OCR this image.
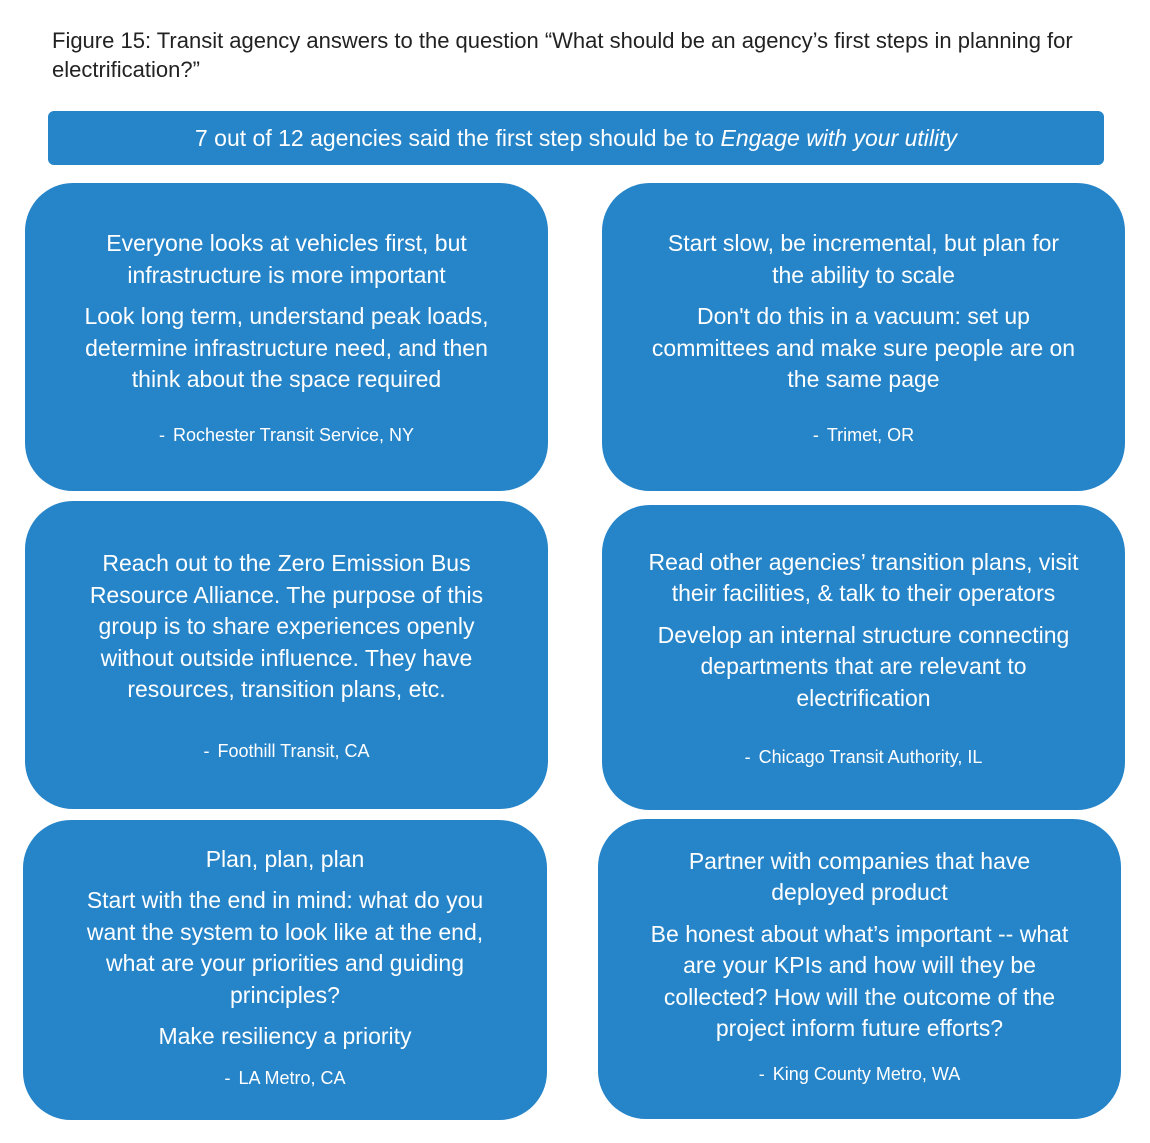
Figure 15: Transit agency answers to the question “What should be an agency’s first steps in planning for electrification?”
7 out of 12 agencies said the first step should be to Engage with your utility

Everyone looks at vehicles first, but infrastructure is more important

Look long term, understand peak loads, determine infrastructure need, and then think about the space required

- Rochester Transit Service, NY

Start slow, be incremental, but plan for the ability to scale

Don't do this in a vacuum: set up committees and make sure people are on the same page

- Trimet, OR

Reach out to the Zero Emission Bus Resource Alliance. The purpose of this group is to share experiences openly without outside influence. They have resources, transition plans, etc.

- Foothill Transit, CA

Read other agencies’ transition plans, visit their facilities, & talk to their operators

Develop an internal structure connecting departments that are relevant to electrification

- Chicago Transit Authority, IL

Plan, plan, plan

Start with the end in mind: what do you want the system to look like at the end, what are your priorities and guiding principles?

Make resiliency a priority

- LA Metro, CA

Partner with companies that have deployed product

Be honest about what’s important -- what are your KPIs and how will they be collected? How will the outcome of the project inform future efforts?

- King County Metro, WA
